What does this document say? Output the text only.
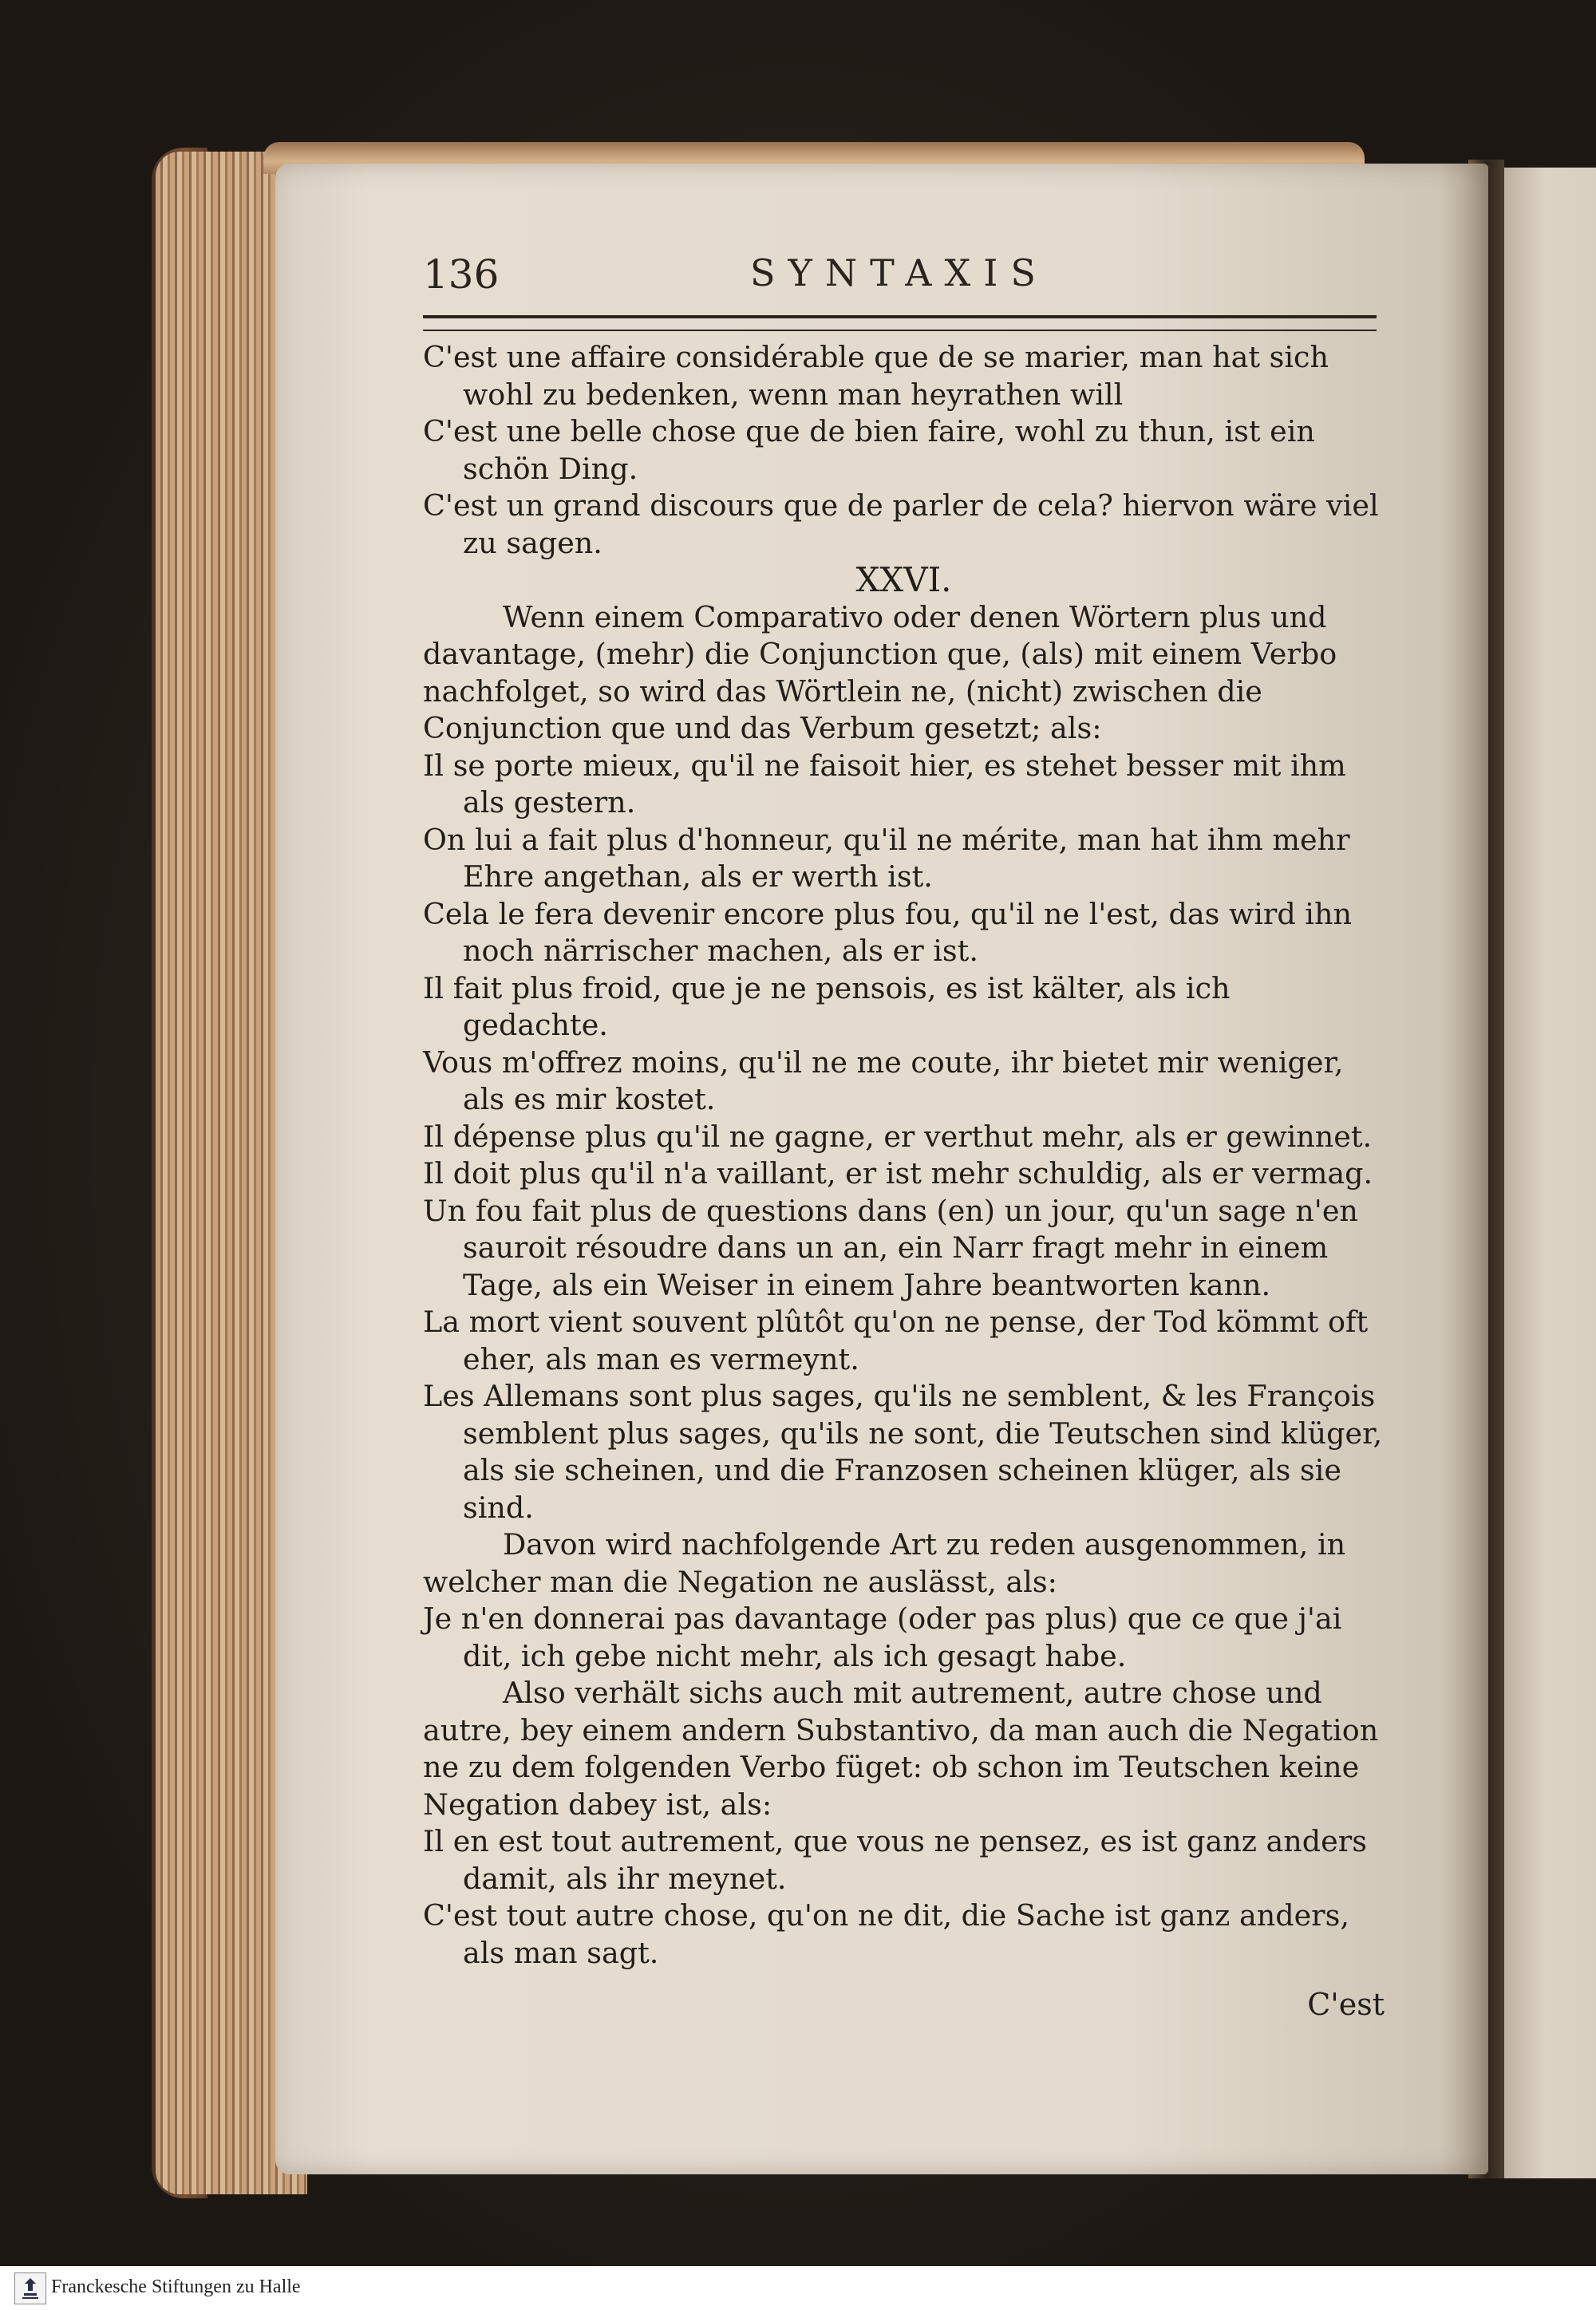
136	SYNTAXIS

C'est une affaire considérable que de se marier, man hat sich wohl zu bedenken, wenn man heyrathen will

C'est une belle chose que de bien faire, wohl zu thun, ist ein schön Ding.

C'est un grand discours que de parler de cela? hiervon wäre viel zu sagen.

XXVI.

Wenn einem Comparativo oder denen Wörtern plus und davantage, (mehr) die Conjunction que, (als) mit einem Verbo nachfolget, so wird das Wörtlein ne, (nicht) zwischen die Conjunction que und das Verbum gesetzt; als:

Il se porte mieux, qu'il ne faisoit hier, es stehet besser mit ihm als gestern.

On lui a fait plus d'honneur, qu'il ne mérite, man hat ihm mehr Ehre angethan, als er werth ist.

Cela le fera devenir encore plus fou, qu'il ne l'est, das wird ihn noch närrischer machen, als er ist.

Il fait plus froid, que je ne pensois, es ist kälter, als ich gedachte.

Vous m'offrez moins, qu'il ne me coute, ihr bietet mir weniger, als es mir kostet.

Il dépense plus qu'il ne gagne, er verthut mehr, als er gewinnet.

Il doit plus qu'il n'a vaillant, er ist mehr schuldig, als er vermag.

Un fou fait plus de questions dans (en) un jour, qu'un sage n'en sauroit résoudre dans un an, ein Narr fragt mehr in einem Tage, als ein Weiser in einem Jahre beantworten kann.

La mort vient souvent plûtôt qu'on ne pense, der Tod kömmt oft eher, als man es vermeynt.

Les Allemans sont plus sages, qu'ils ne semblent, & les François semblent plus sages, qu'ils ne sont, die Teutschen sind klüger, als sie scheinen, und die Franzosen scheinen klüger, als sie sind.

Davon wird nachfolgende Art zu reden ausgenommen, in welcher man die Negation ne auslässt, als:

Je n'en donnerai pas davantage (oder pas plus) que ce que j'ai dit, ich gebe nicht mehr, als ich gesagt habe.

Also verhält sichs auch mit autrement, autre chose und autre, bey einem andern Substantivo, da man auch die Negation ne zu dem folgenden Verbo füget: ob schon im Teutschen keine Negation dabey ist, als:

Il en est tout autrement, que vous ne pensez, es ist ganz anders damit, als ihr meynet.

C'est tout autre chose, qu'on ne dit, die Sache ist ganz anders, als man sagt.

C'est

Franckesche Stiftungen zu Halle
